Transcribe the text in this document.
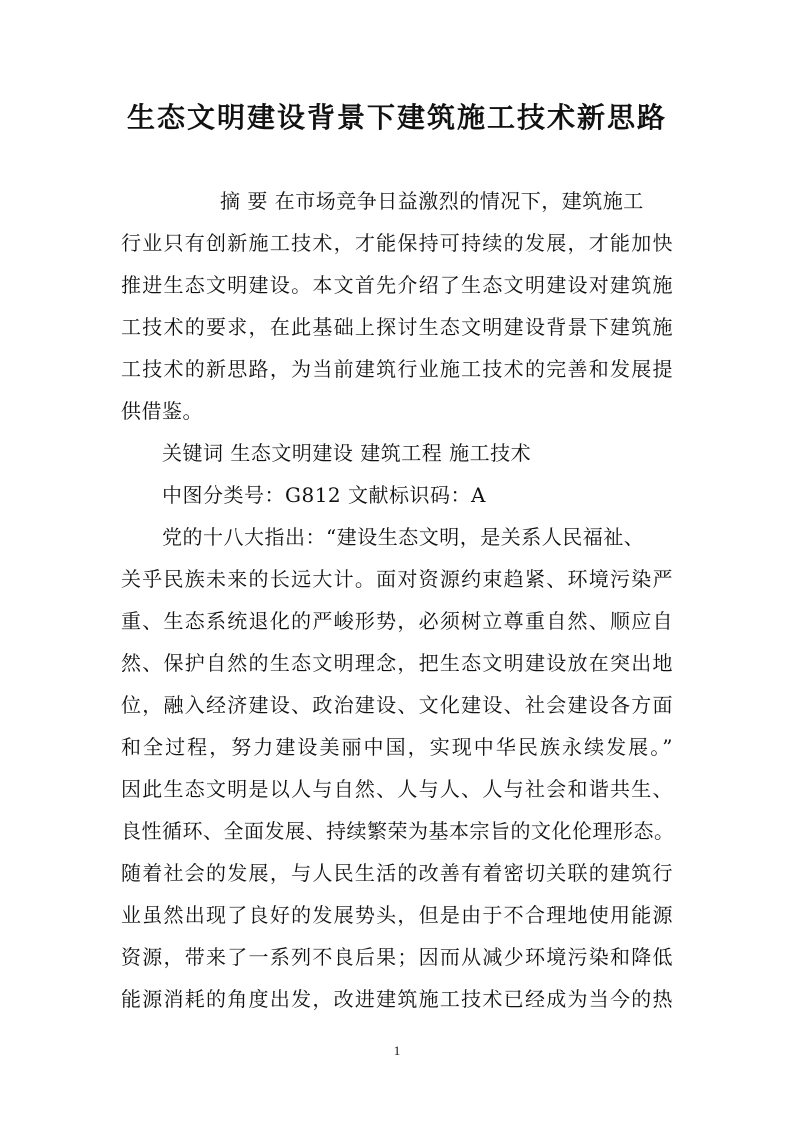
生态文明建设背景下建筑施工技术新思路
摘 要 在市场竞争日益激烈的情况下，建筑施工
行业只有创新施工技术，才能保持可持续的发展，才能加快
推进生态文明建设。本文首先介绍了生态文明建设对建筑施
工技术的要求，在此基础上探讨生态文明建设背景下建筑施
工技术的新思路，为当前建筑行业施工技术的完善和发展提
供借鉴。
关键词 生态文明建设 建筑工程 施工技术
中图分类号：G812 文献标识码：A
党的十八大指出：“建设生态文明，是关系人民福祉、
关乎民族未来的长远大计。面对资源约束趋紧、环境污染严
重、生态系统退化的严峻形势，必须树立尊重自然、顺应自
然、保护自然的生态文明理念，把生态文明建设放在突出地
位，融入经济建设、政治建设、文化建设、社会建设各方面
和全过程，努力建设美丽中国，实现中华民族永续发展。”
因此生态文明是以人与自然、人与人、人与社会和谐共生、
良性循环、全面发展、持续繁荣为基本宗旨的文化伦理形态。
随着社会的发展，与人民生活的改善有着密切关联的建筑行
业虽然出现了良好的发展势头，但是由于不合理地使用能源
资源，带来了一系列不良后果；因而从减少环境污染和降低
能源消耗的角度出发，改进建筑施工技术已经成为当今的热
1
